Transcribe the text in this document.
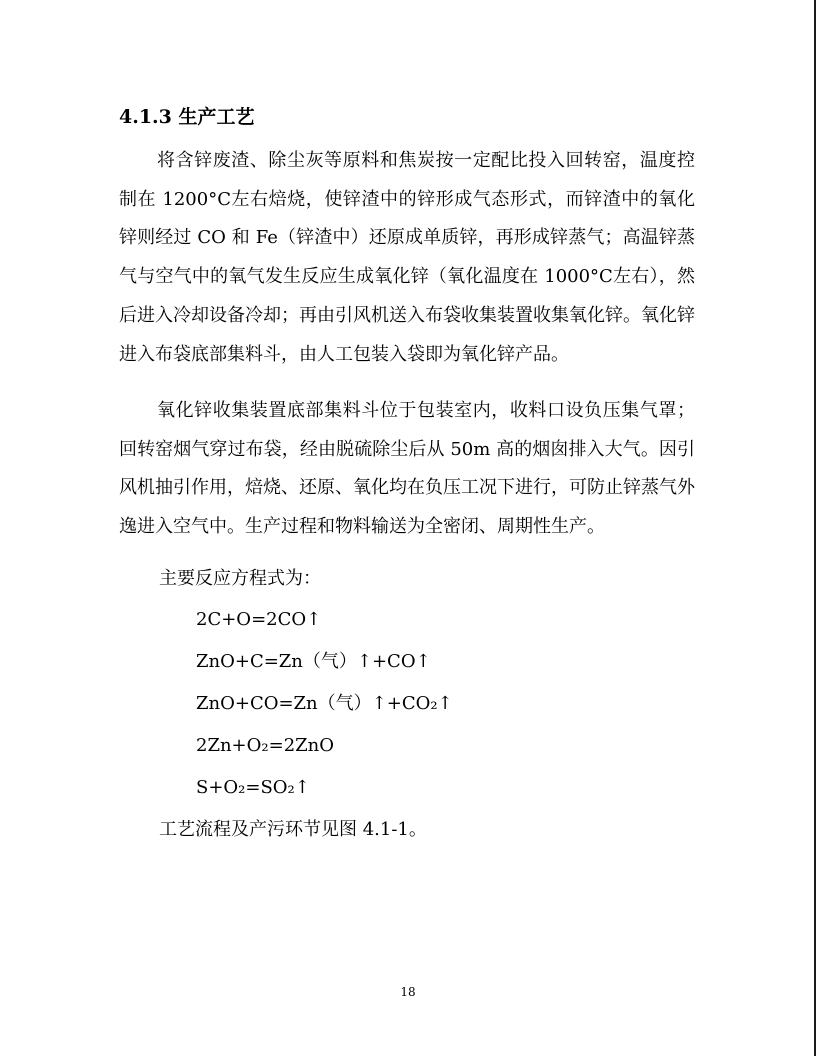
4.1.3 生产工艺

将含锌废渣、除尘灰等原料和焦炭按一定配比投入回转窑，温度控制在 1200°C左右焙烧，使锌渣中的锌形成气态形式，而锌渣中的氧化锌则经过 CO 和 Fe（锌渣中）还原成单质锌，再形成锌蒸气；高温锌蒸气与空气中的氧气发生反应生成氧化锌（氧化温度在 1000°C左右），然后进入冷却设备冷却；再由引风机送入布袋收集装置收集氧化锌。氧化锌进入布袋底部集料斗，由人工包装入袋即为氧化锌产品。

氧化锌收集装置底部集料斗位于包装室内，收料口设负压集气罩；回转窑烟气穿过布袋，经由脱硫除尘后从 50m 高的烟囱排入大气。因引风机抽引作用，焙烧、还原、氧化均在负压工况下进行，可防止锌蒸气外逸进入空气中。生产过程和物料输送为全密闭、周期性生产。

主要反应方程式为：
2C+O=2CO↑
ZnO+C=Zn（气）↑+CO↑
ZnO+CO=Zn（气）↑+CO₂↑
2Zn+O₂=2ZnO
S+O₂=SO₂↑
工艺流程及产污环节见图 4.1-1。
18
